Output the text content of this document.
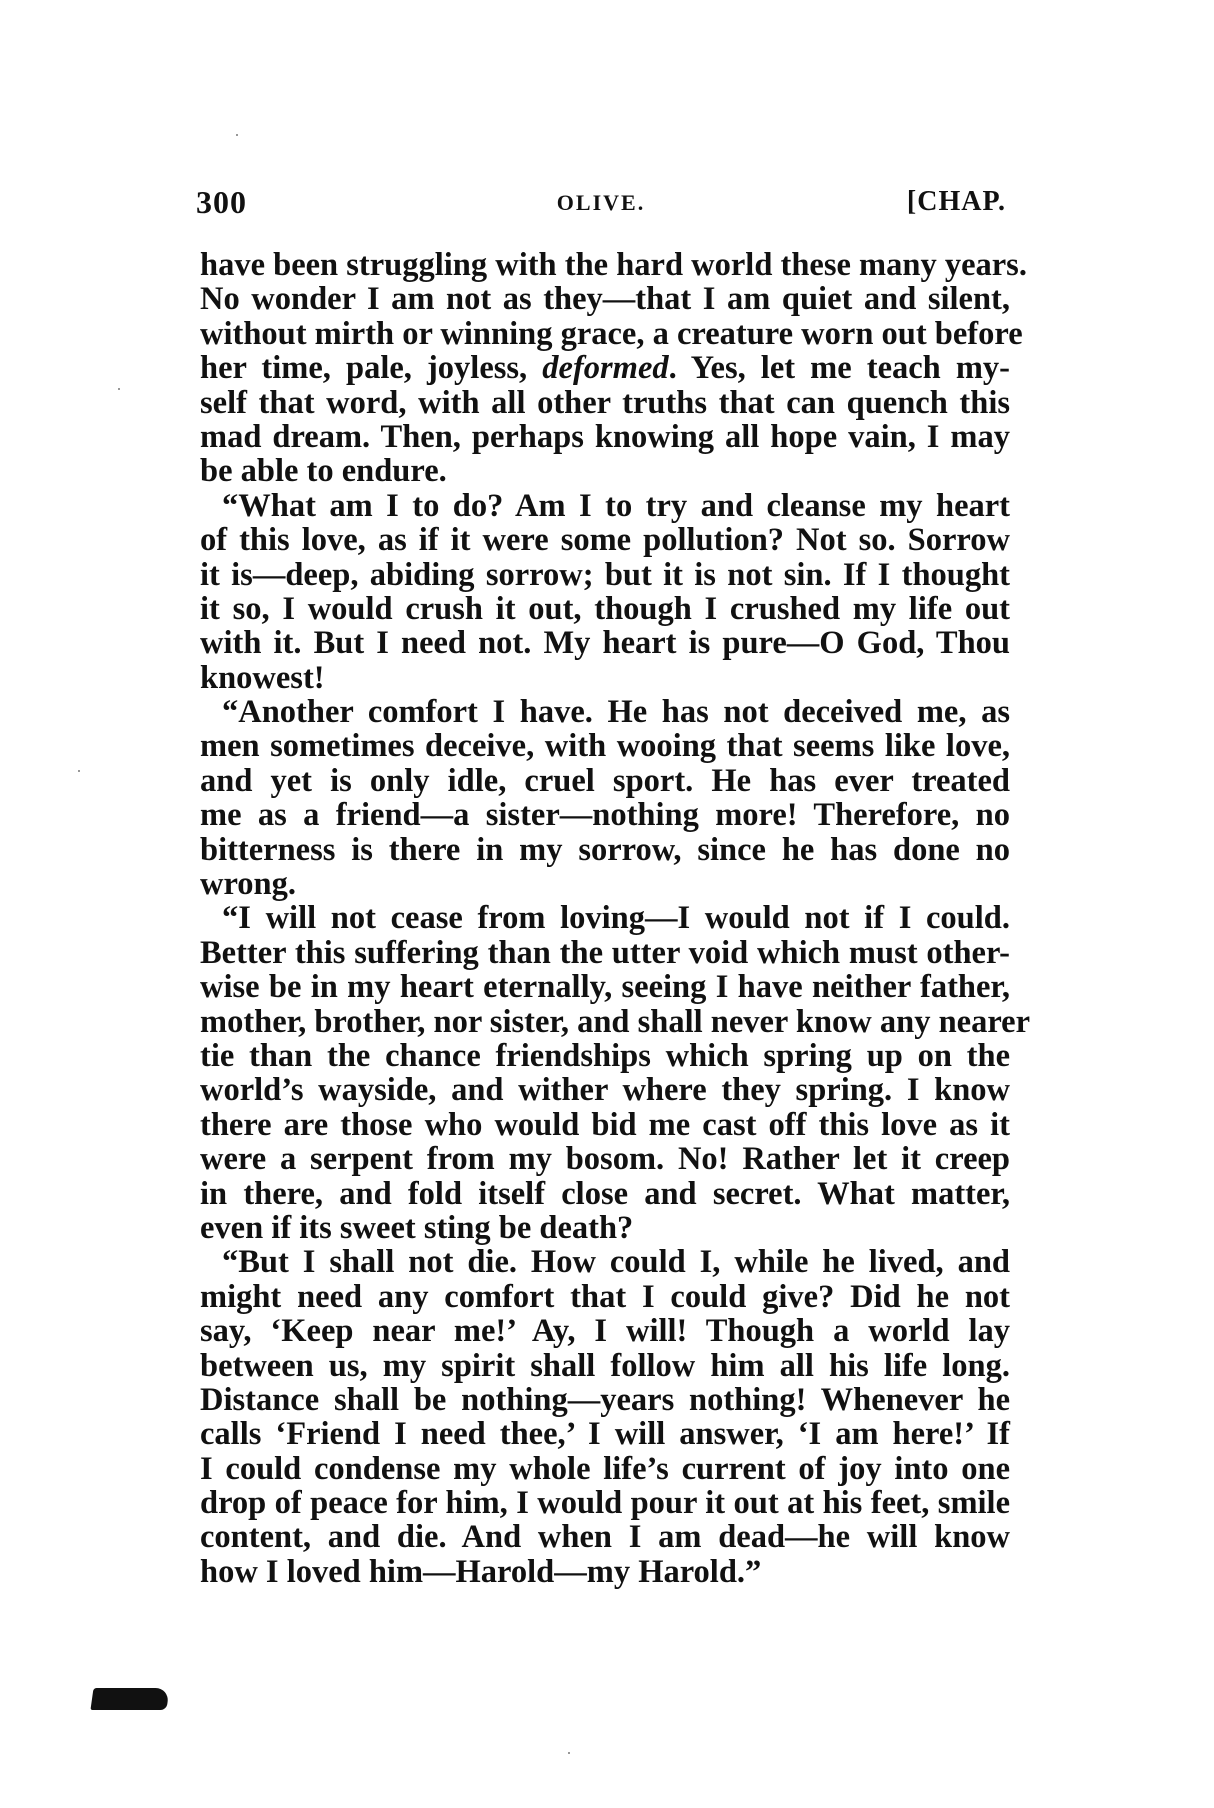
300	OLIVE.	[CHAP.
have been struggling with the hard world these many years.
No wonder I am not as they—that I am quiet and silent,
without mirth or winning grace, a creature worn out before
her time, pale, joyless, deformed. Yes, let me teach my-
self that word, with all other truths that can quench this
mad dream. Then, perhaps knowing all hope vain, I may
be able to endure.
“What am I to do? Am I to try and cleanse my heart
of this love, as if it were some pollution? Not so. Sorrow
it is—deep, abiding sorrow; but it is not sin. If I thought
it so, I would crush it out, though I crushed my life out
with it. But I need not. My heart is pure—O God, Thou
knowest!
“Another comfort I have. He has not deceived me, as
men sometimes deceive, with wooing that seems like love,
and yet is only idle, cruel sport. He has ever treated
me as a friend—a sister—nothing more! Therefore, no
bitterness is there in my sorrow, since he has done no
wrong.
“I will not cease from loving—I would not if I could.
Better this suffering than the utter void which must other-
wise be in my heart eternally, seeing I have neither father,
mother, brother, nor sister, and shall never know any nearer
tie than the chance friendships which spring up on the
world’s wayside, and wither where they spring. I know
there are those who would bid me cast off this love as it
were a serpent from my bosom. No! Rather let it creep
in there, and fold itself close and secret. What matter,
even if its sweet sting be death?
“But I shall not die. How could I, while he lived, and
might need any comfort that I could give? Did he not
say, ‘Keep near me!’ Ay, I will! Though a world lay
between us, my spirit shall follow him all his life long.
Distance shall be nothing—years nothing! Whenever he
calls ‘Friend I need thee,’ I will answer, ‘I am here!’ If
I could condense my whole life’s current of joy into one
drop of peace for him, I would pour it out at his feet, smile
content, and die. And when I am dead—he will know
how I loved him—Harold—my Harold.”
